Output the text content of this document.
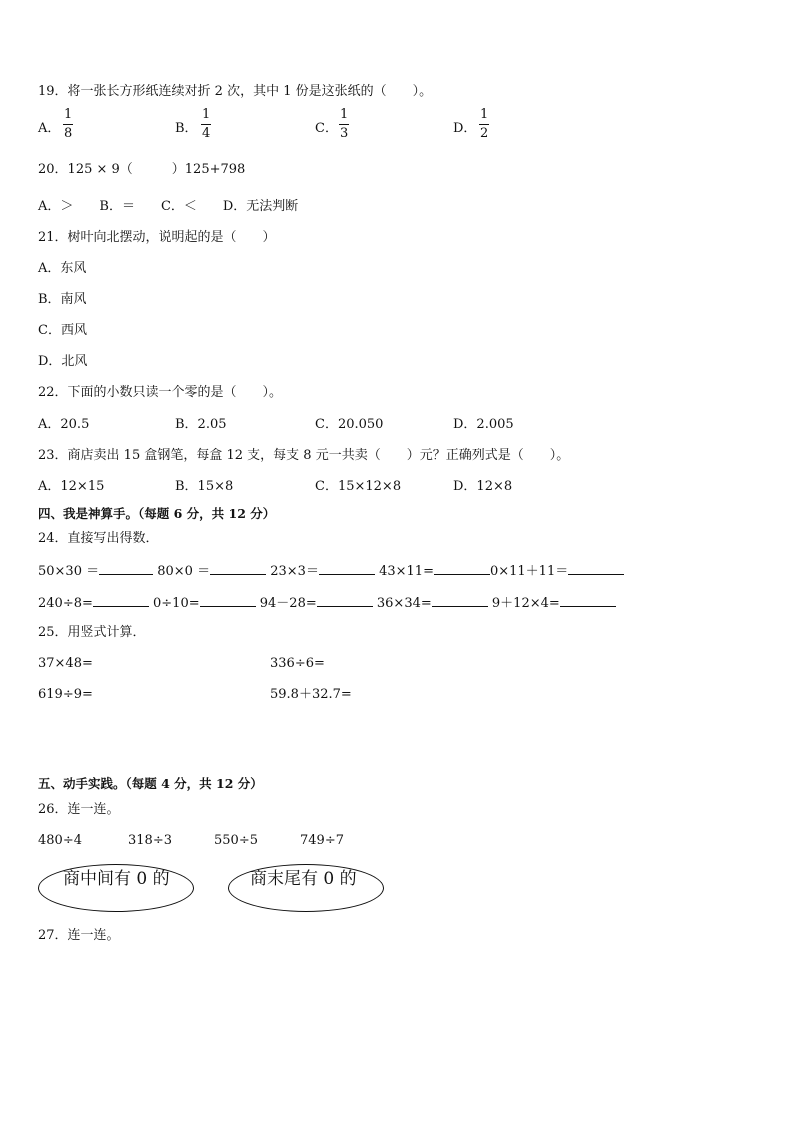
19．将一张长方形纸连续对折 2 次，其中 1 份是这张纸的（　　）。
A．
1
8	B．
1
4	C．
1
3	D．
1
2
20．125 × 9（　　　）125+798
A．＞　　B．＝　　C．＜　　D．无法判断
21．树叶向北摆动，说明起的是（　　）
A．东风
B．南风
C．西风
D．北风
22．下面的小数只读一个零的是（　　）。
A．20.5	B．2.05	C．20.050	D．2.005
23．商店卖出 15 盒钢笔，每盒 12 支，每支 8 元一共卖（　　）元？正确列式是（　　）。
A．12×15	B．15×8	C．15×12×8	D．12×8
四、我是神算手。（每题 6 分，共 12 分）
24．直接写出得数．
50×30 ＝	80×0 ＝	23×3＝	43×11=	0×11＋11＝
240÷8=	0÷10=	94－28=	36×34=	9＋12×4=
25．用竖式计算．
37×48=	336÷6=
619÷9=	59.8＋32.7=
五、动手实践。（每题 4 分，共 12 分）
26．连一连。
480÷4	318÷3	550÷5	749÷7
商中间有 0 的	商末尾有 0 的
27．连一连。
